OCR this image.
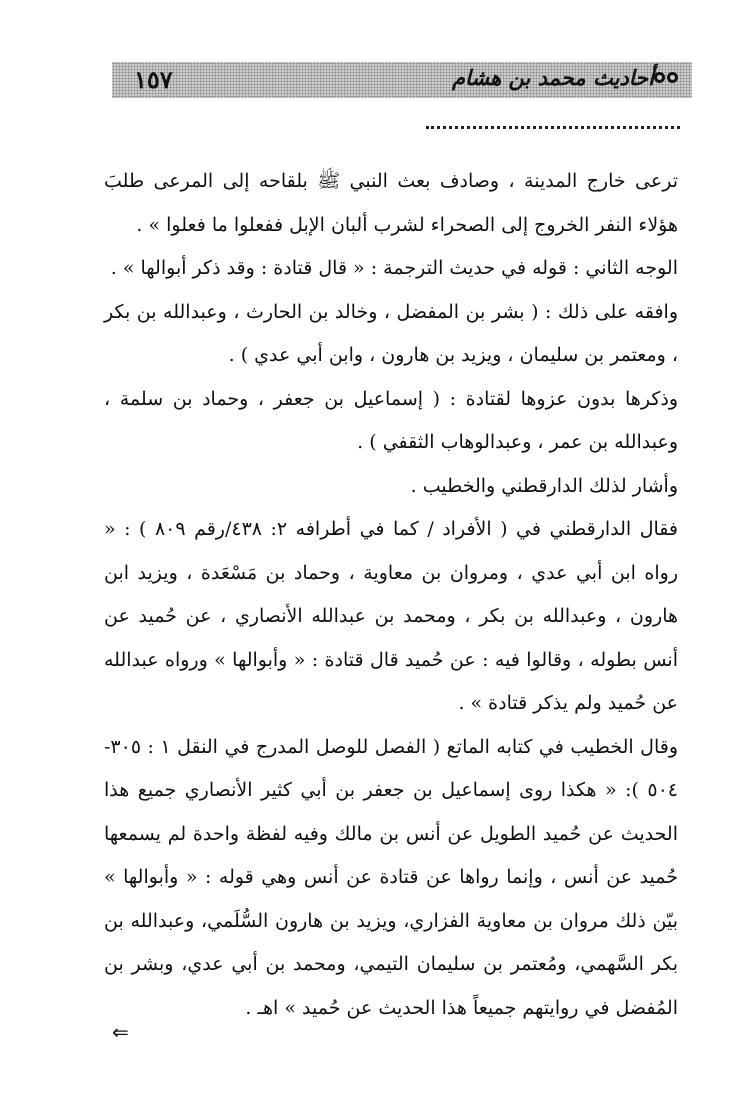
١٥٧	أحاديث محمد بن هشام

ترعى خارج المدينة ، وصادف بعث النبي ﷺ بلقاحه إلى المرعى طلبَ هؤلاء النفر الخروج إلى الصحراء لشرب ألبان الإبل ففعلوا ما فعلوا » .

الوجه الثاني : قوله في حديث الترجمة : « قال قتادة : وقد ذكر أبوالها » .

وافقه على ذلك : ( بشر بن المفضل ، وخالد بن الحارث ، وعبدالله بن بكر ، ومعتمر بن سليمان ، ويزيد بن هارون ، وابن أبي عدي ) .

وذكرها بدون عزوها لقتادة : ( إسماعيل بن جعفر ، وحماد بن سلمة ، وعبدالله بن عمر ، وعبدالوهاب الثقفي ) .

وأشار لذلك الدارقطني والخطيب .

فقال الدارقطني في ( الأفراد / كما في أطرافه ٢: ٤٣٨/رقم ٨٠٩ ) : « رواه ابن أبي عدي ، ومروان بن معاوية ، وحماد بن مَسْعَدة ، ويزيد ابن هارون ، وعبدالله بن بكر ، ومحمد بن عبدالله الأنصاري ، عن حُميد عن أنس بطوله ، وقالوا فيه : عن حُميد قال قتادة : « وأبوالها » ورواه عبدالله عن حُميد ولم يذكر قتادة » .

وقال الخطيب في كتابه الماتع ( الفصل للوصل المدرج في النقل ١ : ٣٠٥- ٥٠٤ ): « هكذا روى إسماعيل بن جعفر بن أبي كثير الأنصاري جميع هذا الحديث عن حُميد الطويل عن أنس بن مالك وفيه لفظة واحدة لم يسمعها حُميد عن أنس ، وإنما رواها عن قتادة عن أنس وهي قوله : « وأبوالها » بيّن ذلك مروان بن معاوية الفزاري، ويزيد بن هارون السُّلَمي، وعبدالله بن بكر السَّهمي، ومُعتمر بن سليمان التيمي، ومحمد بن أبي عدي، وبشر بن المُفضل في روايتهم جميعاً هذا الحديث عن حُميد » اهـ .

⇐
